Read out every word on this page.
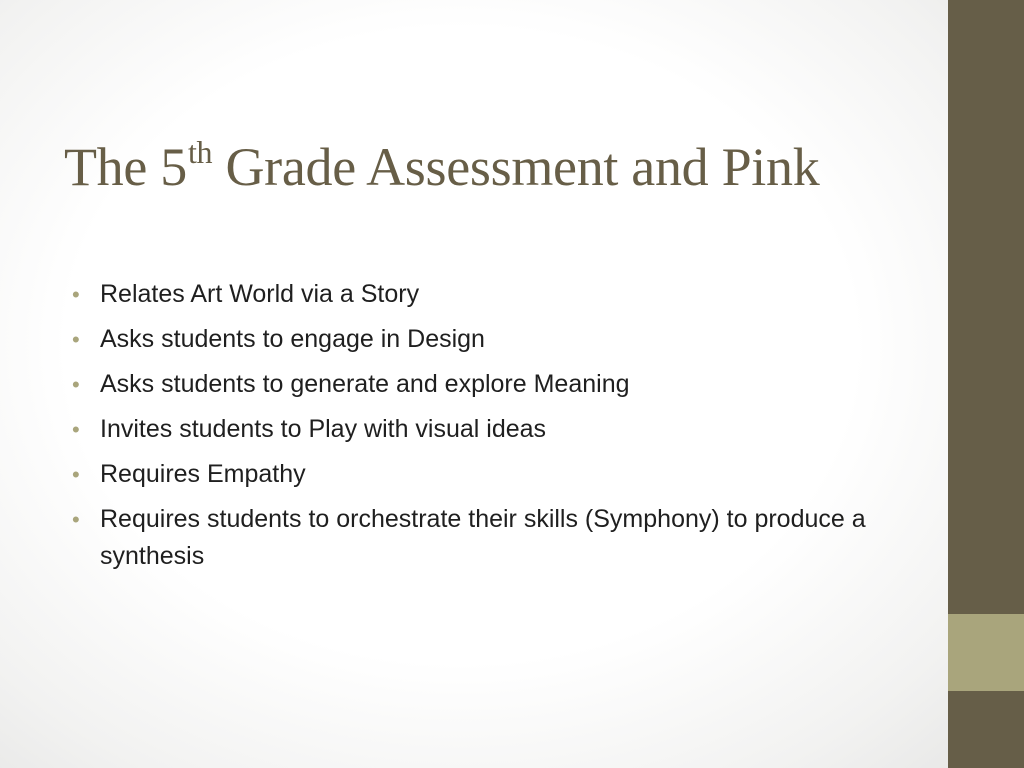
The 5th Grade Assessment and Pink
• Relates Art World via a Story
• Asks students to engage in Design
• Asks students to generate and explore Meaning
• Invites students to Play with visual ideas
• Requires Empathy
• Requires students to orchestrate their skills (Symphony) to produce a synthesis
